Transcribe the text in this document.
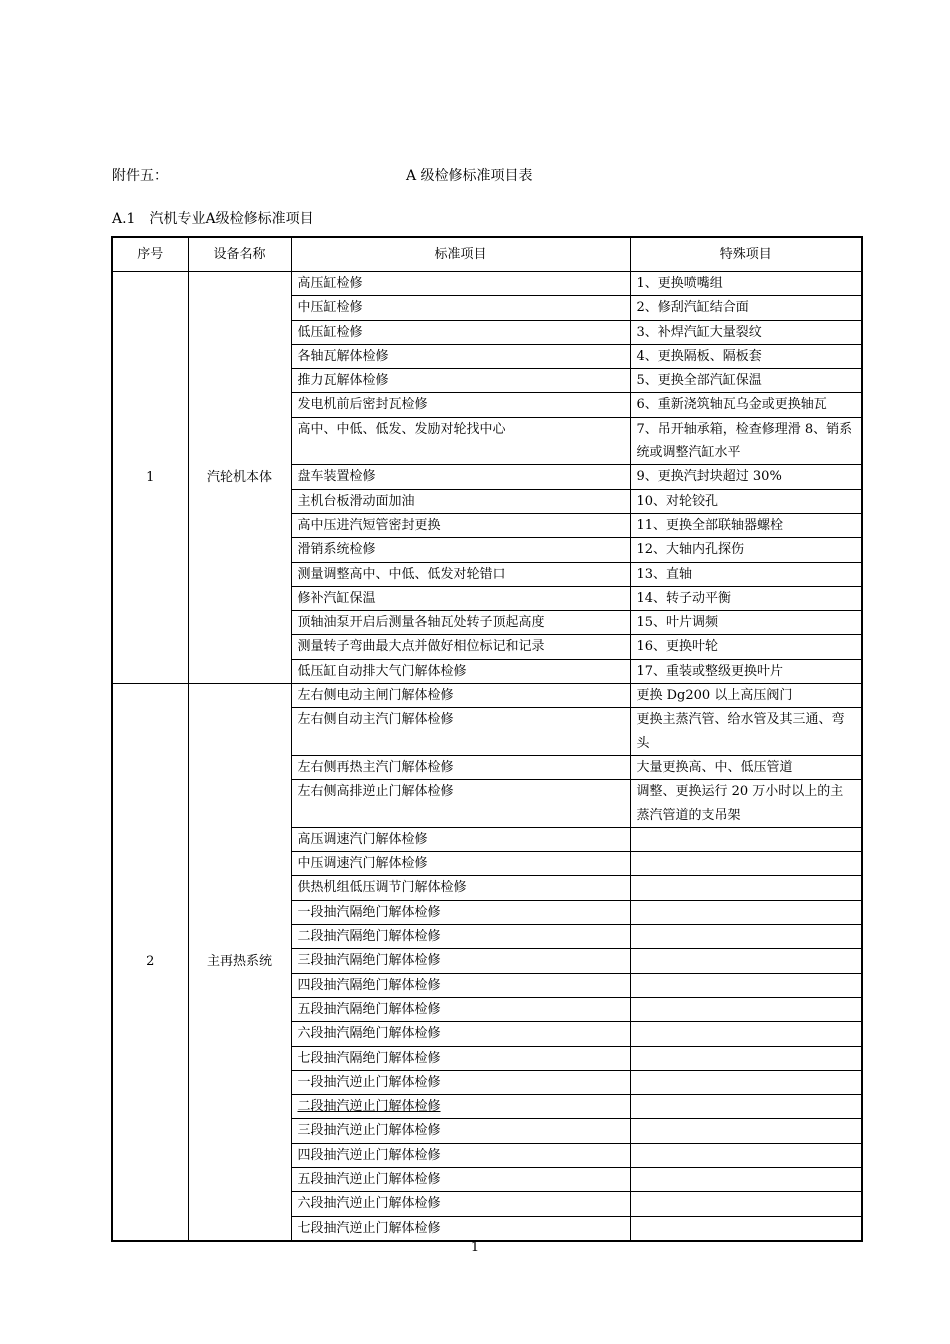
附件五：	A 级检修标准项目表
A.1　汽机专业A级检修标准项目
序号	设备名称	标准项目	特殊项目
1	汽轮机本体	高压缸检修	1、更换喷嘴组
		中压缸检修	2、修刮汽缸结合面
		低压缸检修	3、补焊汽缸大量裂纹
		各轴瓦解体检修	4、更换隔板、隔板套
		推力瓦解体检修	5、更换全部汽缸保温
		发电机前后密封瓦检修	6、重新浇筑轴瓦乌金或更换轴瓦
		高中、中低、低发、发励对轮找中心	7、吊开轴承箱，检查修理滑 8、销系统或调整汽缸水平
		盘车装置检修	9、更换汽封块超过 30%
		主机台板滑动面加油	10、对轮铰孔
		高中压进汽短管密封更换	11、更换全部联轴器螺栓
		滑销系统检修	12、大轴内孔探伤
		测量调整高中、中低、低发对轮错口	13、直轴
		修补汽缸保温	14、转子动平衡
		顶轴油泵开启后测量各轴瓦处转子顶起高度	15、叶片调频
		测量转子弯曲最大点并做好相位标记和记录	16、更换叶轮
		低压缸自动排大气门解体检修	17、重装或整级更换叶片
2	主再热系统	左右侧电动主闸门解体检修	更换 Dg200 以上高压阀门
		左右侧自动主汽门解体检修	更换主蒸汽管、给水管及其三通、弯头
		左右侧再热主汽门解体检修	大量更换高、中、低压管道
		左右侧高排逆止门解体检修	调整、更换运行 20 万小时以上的主蒸汽管道的支吊架
		高压调速汽门解体检修	
		中压调速汽门解体检修	
		供热机组低压调节门解体检修	
		一段抽汽隔绝门解体检修	
		二段抽汽隔绝门解体检修	
		三段抽汽隔绝门解体检修	
		四段抽汽隔绝门解体检修	
		五段抽汽隔绝门解体检修	
		六段抽汽隔绝门解体检修	
		七段抽汽隔绝门解体检修	
		一段抽汽逆止门解体检修	
		二段抽汽逆止门解体检修	
		三段抽汽逆止门解体检修	
		四段抽汽逆止门解体检修	
		五段抽汽逆止门解体检修	
		六段抽汽逆止门解体检修	
		七段抽汽逆止门解体检修	
1
